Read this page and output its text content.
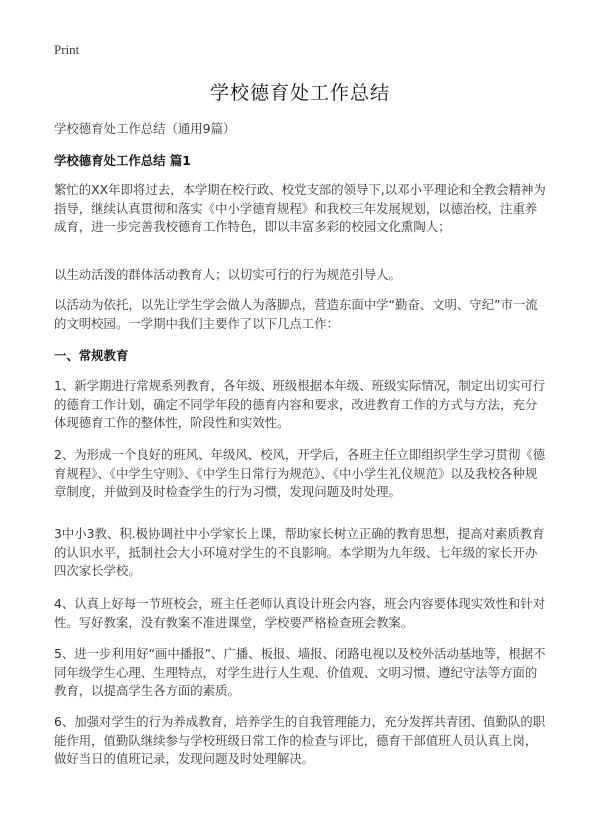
Print
学校德育处工作总结
学校德育处工作总结（通用9篇）
学校德育处工作总结 篇1
繁忙的XX年即将过去，本学期在校行政、校党支部的领导下,以邓小平理论和全教会精神为指导，继续认真贯彻和落实《中小学德育规程》和我校三年发展规划，以德治校，注重养成育，进一步完善我校德育工作特色，即以丰富多彩的校园文化熏陶人；
以生动活泼的群体活动教育人；以切实可行的行为规范引导人。
以活动为依托，以先让学生学会做人为落脚点，营造东面中学“勤奋、文明、守纪”市一流的文明校园。一学期中我们主要作了以下几点工作：
一、常规教育
1、新学期进行常规系列教育，各年级、班级根据本年级、班级实际情况，制定出切实可行的德育工作计划，确定不同学年段的德育内容和要求，改进教育工作的方式与方法，充分体现德育工作的整体性，阶段性和实效性。
2、为形成一个良好的班风、年级风、校风，开学后，各班主任立即组织学生学习贯彻《德育规程》、《中学生守则》、《中学生日常行为规范》、《中小学生礼仪规范》以及我校各种规章制度，并做到及时检查学生的行为习惯，发现问题及时处理。
3中小3教、积.极协调社中小学家长上课，帮助家长树立正确的教育思想，提高对素质教育的认识水平，抵制社会大小环境对学生的不良影响。本学期为九年级、七年级的家长开办四次家长学校。
4、认真上好每一节班校会，班主任老师认真设计班会内容，班会内容要体现实效性和针对性。写好教案，没有教案不准进课堂，学校要严格检查班会教案。
5、进一步利用好“画中播报”、广播、板报、墙报、闭路电视以及校外活动基地等，根据不同年级学生心理、生理特点，对学生进行人生观、价值观、文明习惯、遵纪守法等方面的教育，以提高学生各方面的素质。
6、加强对学生的行为养成教育，培养学生的自我管理能力，充分发挥共青团、值勤队的职能作用，值勤队继续参与学校班级日常工作的检查与评比，德育干部值班人员认真上岗，做好当日的值班记录，发现问题及时处理解决。
